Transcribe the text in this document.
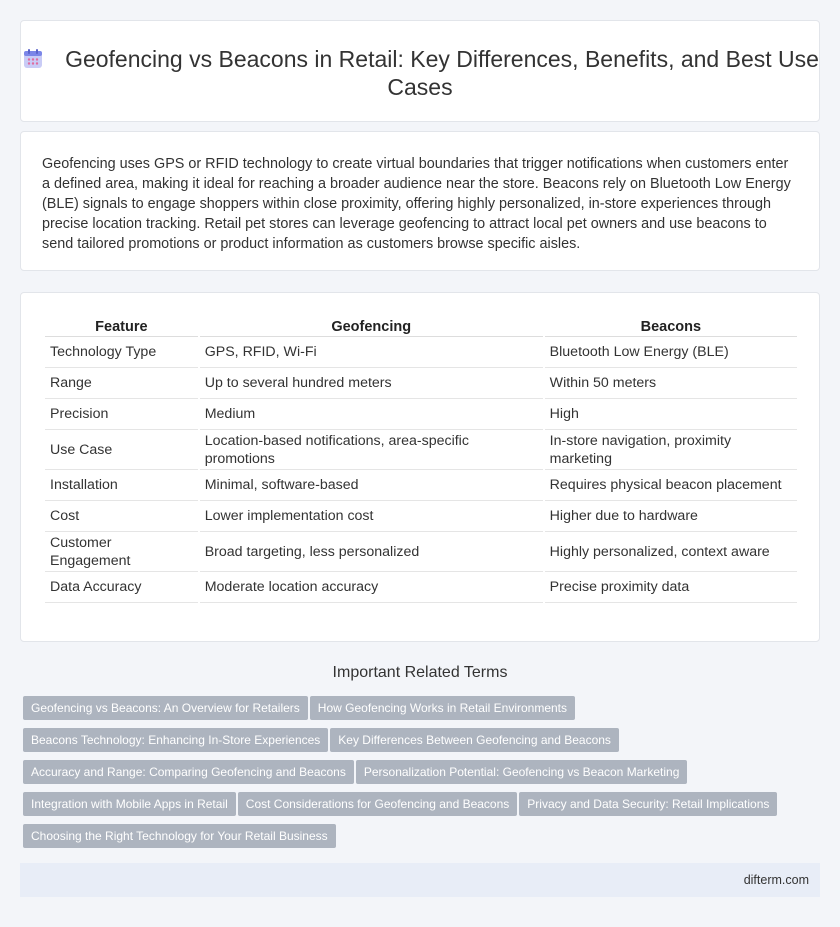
Geofencing vs Beacons in Retail: Key Differences, Benefits, and Best Use Cases

Geofencing uses GPS or RFID technology to create virtual boundaries that trigger notifications when customers enter a defined area, making it ideal for reaching a broader audience near the store. Beacons rely on Bluetooth Low Energy (BLE) signals to engage shoppers within close proximity, offering highly personalized, in-store experiences through precise location tracking. Retail pet stores can leverage geofencing to attract local pet owners and use beacons to send tailored promotions or product information as customers browse specific aisles.

Feature	Geofencing	Beacons
Technology Type	GPS, RFID, Wi-Fi	Bluetooth Low Energy (BLE)
Range	Up to several hundred meters	Within 50 meters
Precision	Medium	High
Use Case	Location-based notifications, area-specific promotions	In-store navigation, proximity marketing
Installation	Minimal, software-based	Requires physical beacon placement
Cost	Lower implementation cost	Higher due to hardware
Customer Engagement	Broad targeting, less personalized	Highly personalized, context aware
Data Accuracy	Moderate location accuracy	Precise proximity data
Important Related Terms
Geofencing vs Beacons: An Overview for Retailers How Geofencing Works in Retail Environments
Beacons Technology: Enhancing In-Store Experiences Key Differences Between Geofencing and Beacons
Accuracy and Range: Comparing Geofencing and Beacons Personalization Potential: Geofencing vs Beacon Marketing
Integration with Mobile Apps in Retail Cost Considerations for Geofencing and Beacons Privacy and Data Security: Retail Implications
Choosing the Right Technology for Your Retail Business
difterm.com
